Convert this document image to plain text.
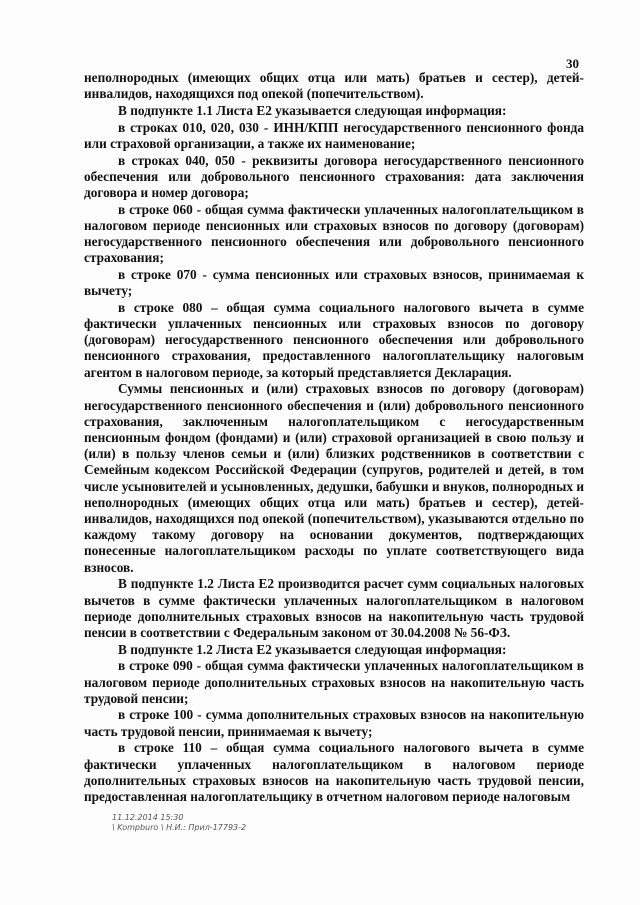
30

неполнородных (имеющих общих отца или мать) братьев и сестер), детей-инвалидов, находящихся под опекой (попечительством).

В подпункте 1.1 Листа Е2 указывается следующая информация:

в строках 010, 020, 030 - ИНН/КПП негосударственного пенсионного фонда или страховой организации, а также их наименование;

в строках 040, 050 - реквизиты договора негосударственного пенсионного обеспечения или добровольного пенсионного страхования: дата заключения договора и номер договора;

в строке 060 - общая сумма фактически уплаченных налогоплательщиком в налоговом периоде пенсионных или страховых взносов по договору (договорам) негосударственного пенсионного обеспечения или добровольного пенсионного страхования;

в строке 070 - сумма пенсионных или страховых взносов, принимаемая к вычету;

в строке 080 – общая сумма социального налогового вычета в сумме фактически уплаченных пенсионных или страховых взносов по договору (договорам) негосударственного пенсионного обеспечения или добровольного пенсионного страхования, предоставленного налогоплательщику налоговым агентом в налоговом периоде, за который представляется Декларация.

Суммы пенсионных и (или) страховых взносов по договору (договорам) негосударственного пенсионного обеспечения и (или) добровольного пенсионного страхования, заключенным налогоплательщиком с негосударственным пенсионным фондом (фондами) и (или) страховой организацией в свою пользу и (или) в пользу членов семьи и (или) близких родственников в соответствии с Семейным кодексом Российской Федерации (супругов, родителей и детей, в том числе усыновителей и усыновленных, дедушки, бабушки и внуков, полнородных и неполнородных (имеющих общих отца или мать) братьев и сестер), детей-инвалидов, находящихся под опекой (попечительством), указываются отдельно по каждому такому договору на основании документов, подтверждающих понесенные налогоплательщиком расходы по уплате соответствующего вида взносов.

В подпункте 1.2 Листа Е2 производится расчет сумм социальных налоговых вычетов в сумме фактически уплаченных налогоплательщиком в налоговом периоде дополнительных страховых взносов на накопительную часть трудовой пенсии в соответствии с Федеральным законом от 30.04.2008 № 56-ФЗ.

В подпункте 1.2 Листа Е2 указывается следующая информация:

в строке 090 - общая сумма фактически уплаченных налогоплательщиком в налоговом периоде дополнительных страховых взносов на накопительную часть трудовой пенсии;

в строке 100 - сумма дополнительных страховых взносов на накопительную часть трудовой пенсии, принимаемая к вычету;

в строке 110 – общая сумма социального налогового вычета в сумме фактически уплаченных налогоплательщиком в налоговом периоде дополнительных страховых взносов на накопительную часть трудовой пенсии, предоставленная налогоплательщику в отчетном налоговом периоде налоговым

11.12.2014 15:30
\ Kompburo \ Н.И.: Прил-17793-2
